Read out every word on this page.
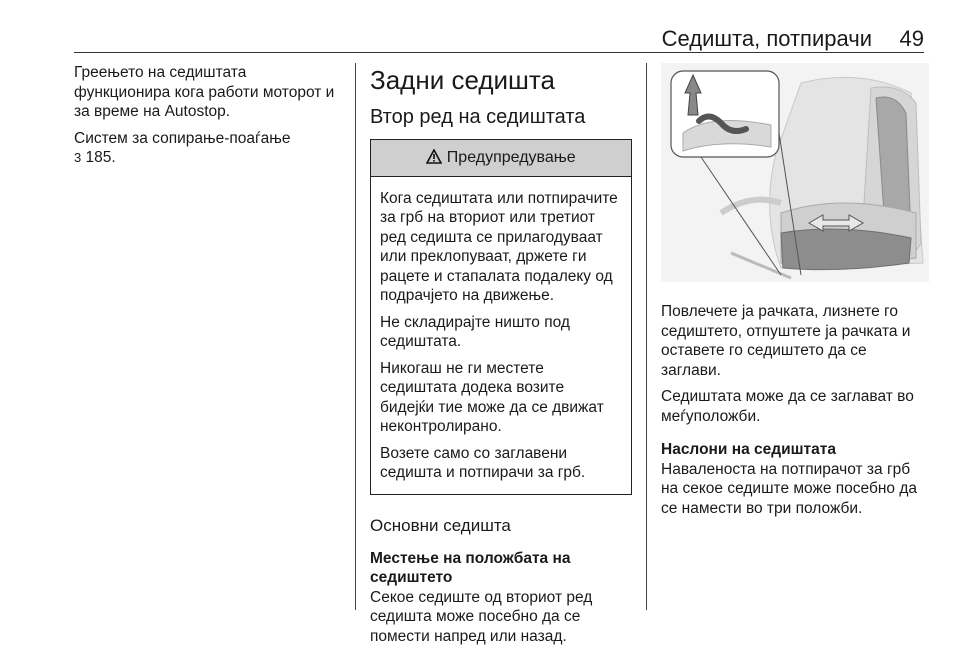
Седишта, потпирачи 49

Греењето на седиштата функционира кога работи моторот и за време на Autostop.

Систем за сопирање-поаѓање
3 185.

Задни седишта
Втор ред на седиштата
Предупредување

Кога седиштата или потпирачите за грб на вториот или третиот ред седишта се прилагодуваат или преклопуваат, држете ги рацете и стапалата подалеку од подрачјето на движење.

Не складирајте ништо под седиштата.

Никогаш не ги местете седиштата додека возите бидејќи тие може да се движат неконтролирано.

Возете само со заглавени седишта и потпирачи за грб.

Основни седишта
Местење на положбата на седиштето

Секое седиште од вториот ред седишта може посебно да се помести напред или назад.

Повлечете ја рачката, лизнете го седиштето, отпуштете ја рачката и оставете го седиштето да се заглави.

Седиштата може да се заглават во меѓуположби.

Наслони на седиштата

Наваленоста на потпирачот за грб на секое седиште може посебно да се намести во три положби.
